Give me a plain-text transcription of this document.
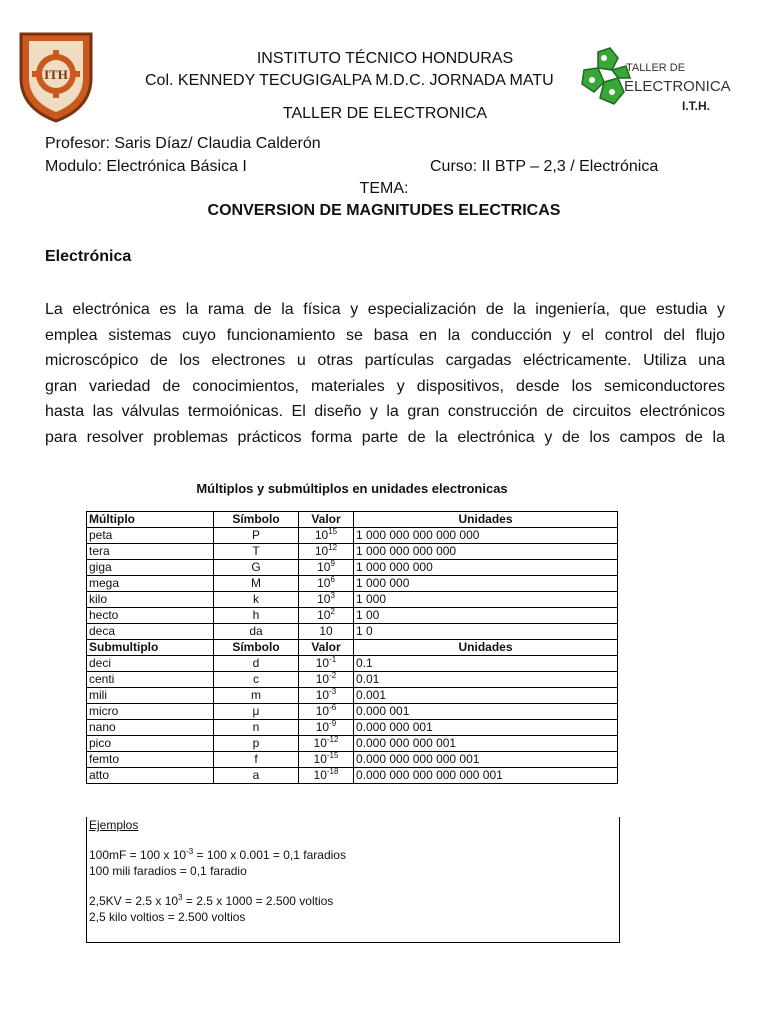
ITH
INSTITUTO TÉCNICO HONDURAS
Col. KENNEDY TECUGIGALPA M.D.C. JORNADA MATU
TALLER DE ELECTRONICA
TALLER DE
ELECTRONICA
I.T.H.
Profesor: Saris Díaz/ Claudia Calderón
Modulo: Electrónica Básica I	Curso: II BTP – 2,3 / Electrónica
TEMA:
CONVERSION DE MAGNITUDES ELECTRICAS
Electrónica
La electrónica es la rama de la física y especialización de la ingeniería, que estudia y
emplea sistemas cuyo funcionamiento se basa en la conducción y el control del flujo
microscópico de los electrones u otras partículas cargadas eléctricamente. Utiliza una
gran variedad de conocimientos, materiales y dispositivos, desde los semiconductores
hasta las válvulas termoiónicas. El diseño y la gran construcción de circuitos electrónicos
para resolver problemas prácticos forma parte de la electrónica y de los campos de la
Múltiplos y submúltiplos en unidades electronicas
Múltiplo	Símbolo	Valor	Unidades
peta	P	$10^{15}$	1 000 000 000 000 000
tera	T	$10^{12}$	1 000 000 000 000
giga	G	$10^9$	1 000 000 000
mega	M	$10^6$	1 000 000
kilo	k	$10^3$	1 000
hecto	h	$10^2$	1 00
deca	da	10	1 0
Submultiplo	Símbolo	Valor	Unidades
deci	d	$10^{-1}$	0.1
centi	c	$10^{-2}$	0.01
mili	m	$10^{-3}$	0.001
micro	μ	$10^{-6}$	0.000 001
nano	n	$10^{-9}$	0.000 000 001
pico	p	$10^{-12}$	0.000 000 000 001
femto	f	$10^{-15}$	0.000 000 000 000 001
atto	a	$10^{-18}$	0.000 000 000 000 000 001
Ejemplos
100mF = 100 x $10^{-3} = 100$ x 0.001 = 0,1 faradios
100 mili faradios = 0,1 faradio
2,5KV = 2.5 x $10^3 = 2.5$ x 1000 = 2.500 voltios
2,5 kilo voltios = 2.500 voltios
